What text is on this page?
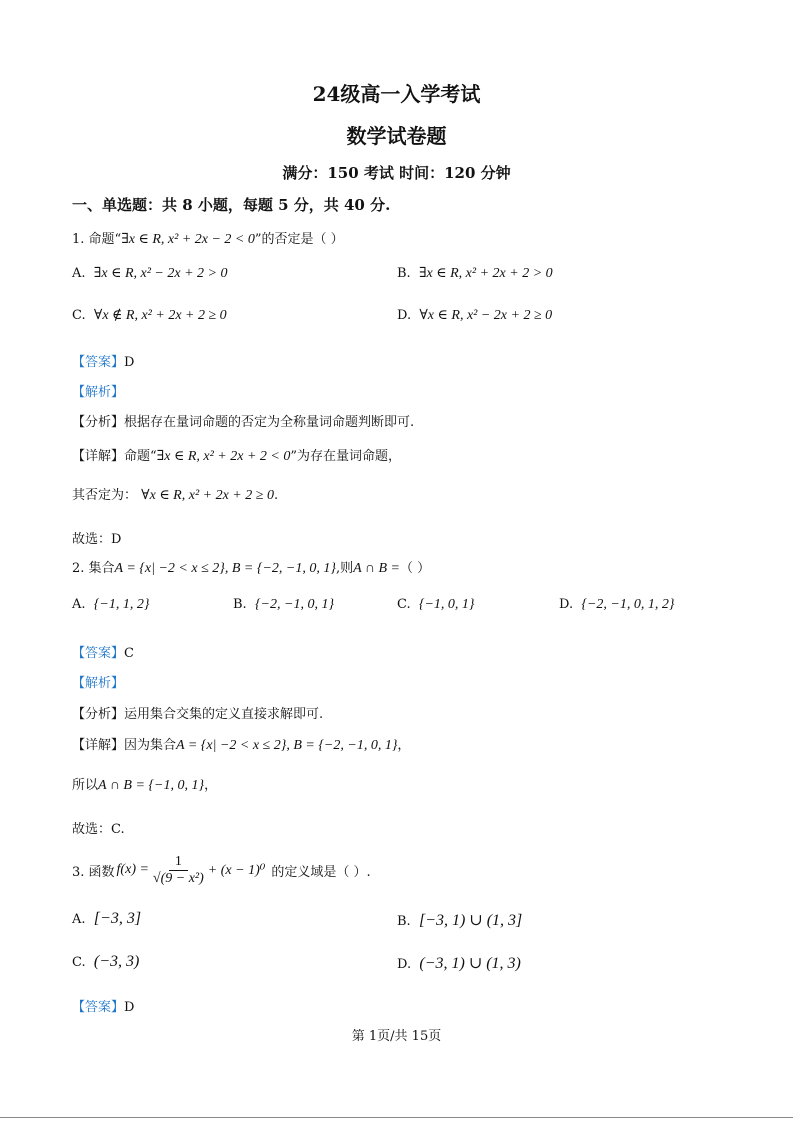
24级高一入学考试
数学试卷题
满分：150 考试 时间：120 分钟
一、单选题：共 8 小题，每题 5 分，共 40 分.
1. 命题“∃x ∈ R, x² + 2x − 2 < 0”的否定是（ ）
A. ∃x ∈ R, x² − 2x + 2 > 0	B. ∃x ∈ R, x² + 2x + 2 > 0
C. ∀x ∉ R, x² + 2x + 2 ≥ 0	D. ∀x ∈ R, x² − 2x + 2 ≥ 0
【答案】D
【解析】
【分析】根据存在量词命题的否定为全称量词命题判断即可.
【详解】命题“∃x ∈ R, x² + 2x + 2 < 0”为存在量词命题，
其否定为： ∀x ∈ R, x² + 2x + 2 ≥ 0.
故选：D
2. 集合A = {x| −2 < x ≤ 2}, B = {−2, −1, 0, 1},则A ∩ B =（ ）
A. {−1, 1, 2}	B. {−2, −1, 0, 1}	C. {−1, 0, 1}	D. {−2, −1, 0, 1, 2}
【答案】C
【解析】
【分析】运用集合交集的定义直接求解即可.
【详解】因为集合A = {x| −2 < x ≤ 2}, B = {−2, −1, 0, 1}，
所以A ∩ B = {−1, 0, 1}，
故选：C.
3. 函数 $f(x) = \frac{1}{\text{√(9 − x²)}} + (x - 1)^0$ 的定义域是（ ）.
A. [−3, 3]	B. [−3, 1) ∪ (1, 3]
C. (−3, 3)	D. (−3, 1) ∪ (1, 3)
【答案】D
第 1页/共 15页
